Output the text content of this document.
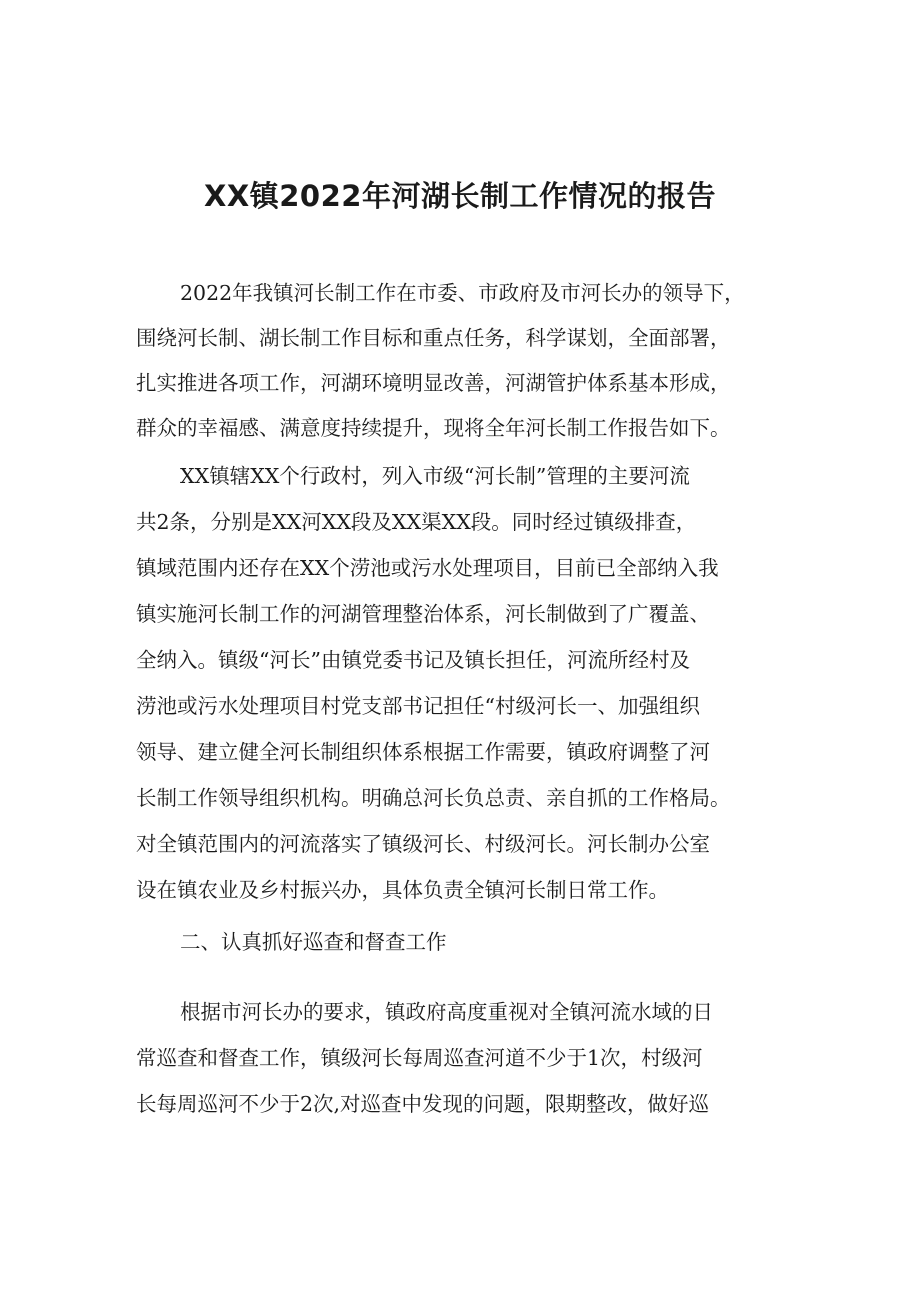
XX镇2022年河湖长制工作情况的报告

2022年我镇河长制工作在市委、市政府及市河长办的领导下，

围绕河长制、湖长制工作目标和重点任务，科学谋划，全面部署，

扎实推进各项工作，河湖环境明显改善，河湖管护体系基本形成，

群众的幸福感、满意度持续提升，现将全年河长制工作报告如下。

XX镇辖XX个行政村，列入市级“河长制”管理的主要河流

共2条，分别是XX河XX段及XX渠XX段。同时经过镇级排查，

镇域范围内还存在XX个涝池或污水处理项目，目前已全部纳入我

镇实施河长制工作的河湖管理整治体系，河长制做到了广覆盖、

全纳入。镇级“河长”由镇党委书记及镇长担任，河流所经村及

涝池或污水处理项目村党支部书记担任“村级河长一、加强组织

领导、建立健全河长制组织体系根据工作需要，镇政府调整了河

长制工作领导组织机构。明确总河长负总责、亲自抓的工作格局。

对全镇范围内的河流落实了镇级河长、村级河长。河长制办公室

设在镇农业及乡村振兴办，具体负责全镇河长制日常工作。

二、认真抓好巡查和督查工作

根据市河长办的要求，镇政府高度重视对全镇河流水域的日

常巡查和督查工作，镇级河长每周巡查河道不少于1次，村级河

长每周巡河不少于2次,对巡查中发现的问题，限期整改，做好巡
